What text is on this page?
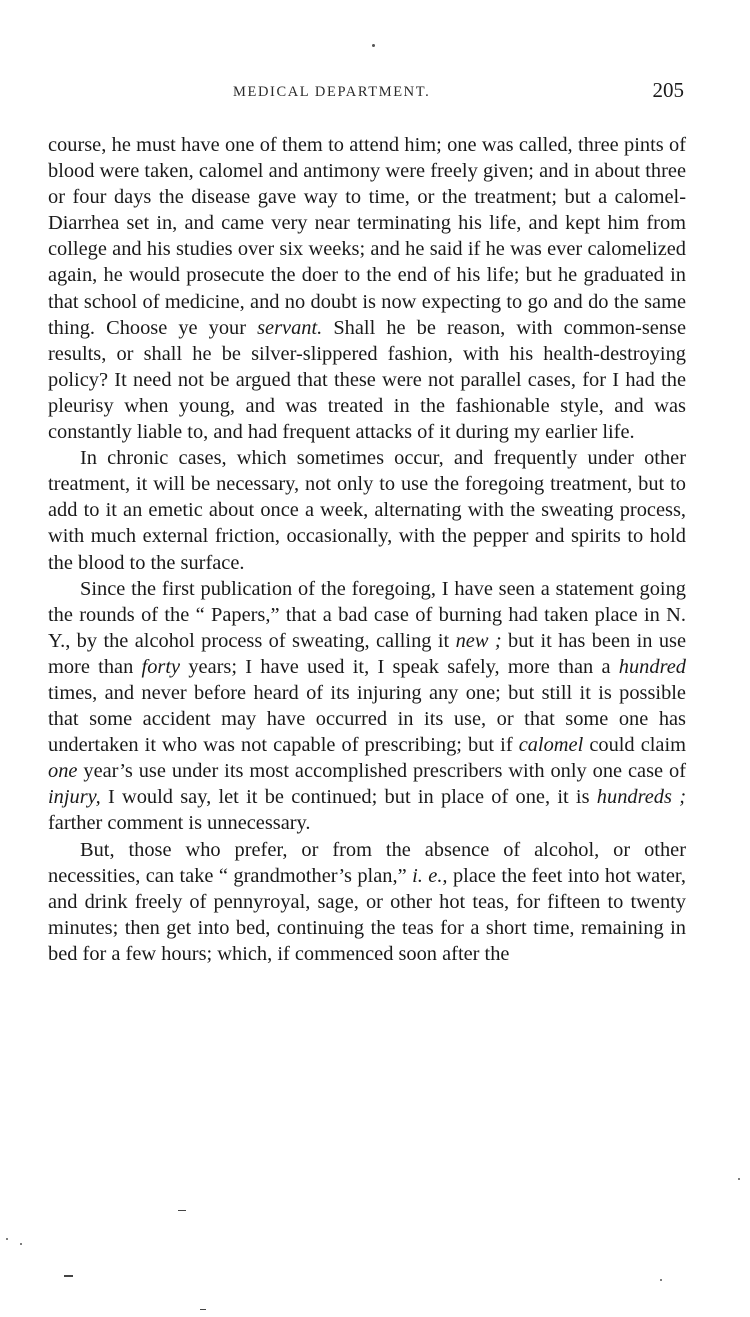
MEDICAL DEPARTMENT.	205

course, he must have one of them to attend him; one was called, three pints of blood were taken, calomel and antimony were freely given; and in about three or four days the disease gave way to time, or the treatment; but a calomel-Diarrhea set in, and came very near terminating his life, and kept him from college and his studies over six weeks; and he said if he was ever calomelized again, he would prosecute the doer to the end of his life; but he graduated in that school of medicine, and no doubt is now expecting to go and do the same thing. Choose ye your servant. Shall he be reason, with common-sense results, or shall he be silver-slippered fashion, with his health-destroying policy? It need not be argued that these were not parallel cases, for I had the pleurisy when young, and was treated in the fashionable style, and was constantly liable to, and had frequent attacks of it during my earlier life.

In chronic cases, which sometimes occur, and frequently under other treatment, it will be necessary, not only to use the foregoing treatment, but to add to it an emetic about once a week, alternating with the sweating process, with much external friction, occasionally, with the pepper and spirits to hold the blood to the surface.

Since the first publication of the foregoing, I have seen a statement going the rounds of the “ Papers,” that a bad case of burning had taken place in N. Y., by the alcohol process of sweating, calling it new ; but it has been in use more than forty years; I have used it, I speak safely, more than a hundred times, and never before heard of its injuring any one; but still it is possible that some accident may have occurred in its use, or that some one has undertaken it who was not capable of prescribing; but if calomel could claim one year’s use under its most accomplished prescribers with only one case of injury, I would say, let it be continued; but in place of one, it is hundreds ; farther comment is unnecessary.

But, those who prefer, or from the absence of alcohol, or other necessities, can take “ grandmother’s plan,” i. e., place the feet into hot water, and drink freely of pennyroyal, sage, or other hot teas, for fifteen to twenty minutes; then get into bed, continuing the teas for a short time, remaining in bed for a few hours; which, if commenced soon after the
